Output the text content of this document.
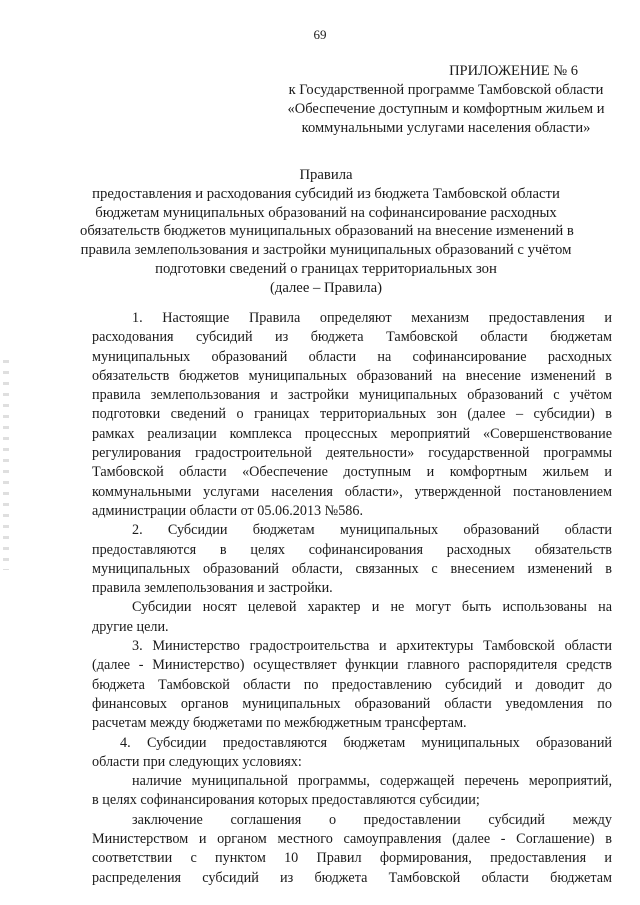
69
ПРИЛОЖЕНИЕ № 6
к Государственной программе Тамбовской области
«Обеспечение доступным и комфортным жильем и
коммунальными услугами населения области»
Правила
предоставления и расходования субсидий из бюджета Тамбовской области
бюджетам муниципальных образований на софинансирование расходных
обязательств бюджетов муниципальных образований на внесение изменений в
правила землепользования и застройки муниципальных образований с учётом
подготовки сведений о границах территориальных зон
(далее – Правила)
1. Настоящие Правила определяют механизм предоставления и
расходования субсидий из бюджета Тамбовской области бюджетам
муниципальных образований области на софинансирование расходных
обязательств бюджетов муниципальных образований на внесение изменений в
правила землепользования и застройки муниципальных образований с учётом
подготовки сведений о границах территориальных зон (далее – субсидии) в
рамках реализации комплекса процессных мероприятий «Совершенствование
регулирования градостроительной деятельности» государственной программы
Тамбовской области «Обеспечение доступным и комфортным жильем и
коммунальными услугами населения области», утвержденной постановлением
администрации области от 05.06.2013 №586.
2. Субсидии бюджетам муниципальных образований области
предоставляются в целях софинансирования расходных обязательств
муниципальных образований области, связанных с внесением изменений в
правила землепользования и застройки.
Субсидии носят целевой характер и не могут быть использованы на
другие цели.
3. Министерство градостроительства и архитектуры Тамбовской области
(далее - Министерство) осуществляет функции главного распорядителя средств
бюджета Тамбовской области по предоставлению субсидий и доводит до
финансовых органов муниципальных образований области уведомления по
расчетам между бюджетами по межбюджетным трансфертам.
4. Субсидии предоставляются бюджетам муниципальных образований
области при следующих условиях:
наличие муниципальной программы, содержащей перечень мероприятий,
в целях софинансирования которых предоставляются субсидии;
заключение соглашения о предоставлении субсидий между
Министерством и органом местного самоуправления (далее - Соглашение) в
соответствии с пунктом 10 Правил формирования, предоставления и
распределения субсидий из бюджета Тамбовской области бюджетам
